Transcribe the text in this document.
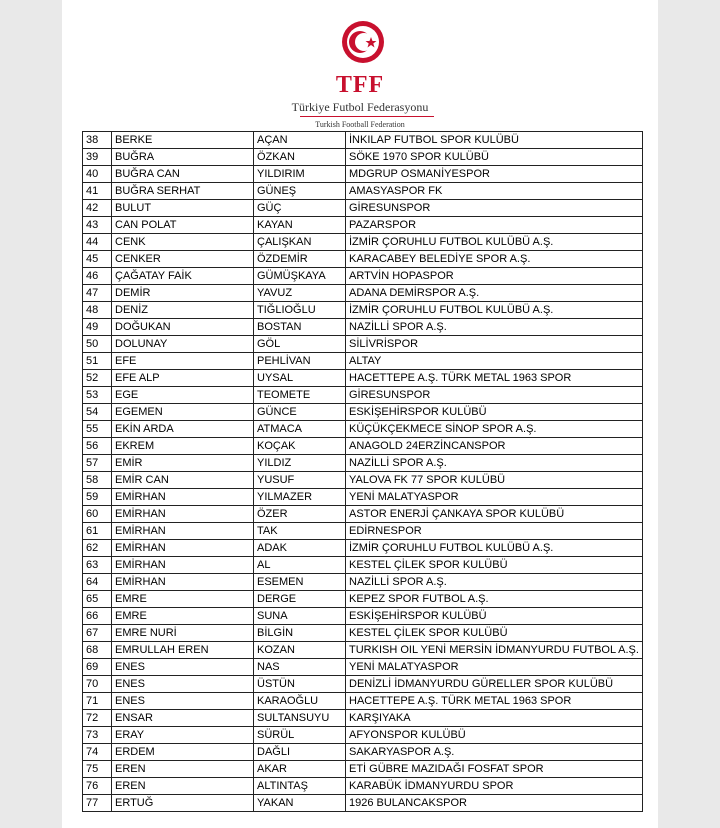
TFF
Türkiye Futbol Federasyonu
Turkish Football Federation
38	BERKE	AÇAN	İNKILAP FUTBOL SPOR KULÜBÜ
39	BUĞRA	ÖZKAN	SÖKE 1970 SPOR KULÜBÜ
40	BUĞRA CAN	YILDIRIM	MDGRUP OSMANİYESPOR
41	BUĞRA SERHAT	GÜNEŞ	AMASYASPOR FK
42	BULUT	GÜÇ	GİRESUNSPOR
43	CAN POLAT	KAYAN	PAZARSPOR
44	CENK	ÇALIŞKAN	İZMİR ÇORUHLU FUTBOL KULÜBÜ A.Ş.
45	CENKER	ÖZDEMİR	KARACABEY BELEDİYE SPOR A.Ş.
46	ÇAĞATAY FAİK	GÜMÜŞKAYA	ARTVİN HOPASPOR
47	DEMİR	YAVUZ	ADANA DEMİRSPOR A.Ş.
48	DENİZ	TIĞLIOĞLU	İZMİR ÇORUHLU FUTBOL KULÜBÜ A.Ş.
49	DOĞUKAN	BOSTAN	NAZİLLİ SPOR A.Ş.
50	DOLUNAY	GÖL	SİLİVRİSPOR
51	EFE	PEHLİVAN	ALTAY
52	EFE ALP	UYSAL	HACETTEPE A.Ş. TÜRK METAL 1963 SPOR
53	EGE	TEOMETE	GİRESUNSPOR
54	EGEMEN	GÜNCE	ESKİŞEHİRSPOR KULÜBÜ
55	EKİN ARDA	ATMACA	KÜÇÜKÇEKMECE SİNOP SPOR A.Ş.
56	EKREM	KOÇAK	ANAGOLD 24ERZİNCANSPOR
57	EMİR	YILDIZ	NAZİLLİ SPOR A.Ş.
58	EMİR CAN	YUSUF	YALOVA FK 77 SPOR KULÜBÜ
59	EMİRHAN	YILMAZER	YENİ MALATYASPOR
60	EMİRHAN	ÖZER	ASTOR ENERJİ ÇANKAYA SPOR KULÜBÜ
61	EMİRHAN	TAK	EDİRNESPOR
62	EMİRHAN	ADAK	İZMİR ÇORUHLU FUTBOL KULÜBÜ A.Ş.
63	EMİRHAN	AL	KESTEL ÇİLEK SPOR KULÜBÜ
64	EMİRHAN	ESEMEN	NAZİLLİ SPOR A.Ş.
65	EMRE	DERGE	KEPEZ SPOR FUTBOL A.Ş.
66	EMRE	SUNA	ESKİŞEHİRSPOR KULÜBÜ
67	EMRE NURİ	BİLGİN	KESTEL ÇİLEK SPOR KULÜBÜ
68	EMRULLAH EREN	KOZAN	TURKISH OIL YENİ MERSİN İDMANYURDU FUTBOL A.Ş.
69	ENES	NAS	YENİ MALATYASPOR
70	ENES	ÜSTÜN	DENİZLİ İDMANYURDU GÜRELLER SPOR KULÜBÜ
71	ENES	KARAOĞLU	HACETTEPE A.Ş. TÜRK METAL 1963 SPOR
72	ENSAR	SULTANSUYU	KARŞIYAKA
73	ERAY	SÜRÜL	AFYONSPOR KULÜBÜ
74	ERDEM	DAĞLI	SAKARYASPOR A.Ş.
75	EREN	AKAR	ETİ GÜBRE MAZIDAĞI FOSFAT SPOR
76	EREN	ALTINTAŞ	KARABÜK İDMANYURDU SPOR
77	ERTUĞ	YAKAN	1926 BULANCAKSPOR
